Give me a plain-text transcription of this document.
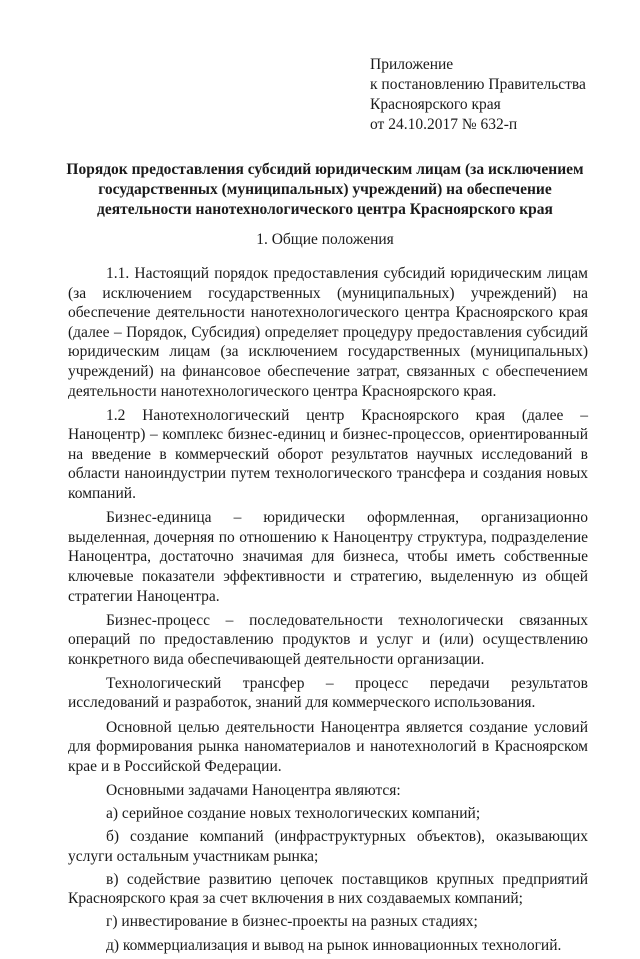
Приложение
к постановлению Правительства
Красноярского края
от 24.10.2017 № 632-п
Порядок предоставления субсидий юридическим лицам (за исключением
государственных (муниципальных) учреждений) на обеспечение
деятельности нанотехнологического центра Красноярского края
1. Общие положения

1.1. Настоящий порядок предоставления субсидий юридическим лицам (за исключением государственных (муниципальных) учреждений) на обеспечение деятельности нанотехнологического центра Красноярского края (далее – Порядок, Субсидия) определяет процедуру предоставления субсидий юридическим лицам (за исключением государственных (муниципальных) учреждений) на финансовое обеспечение затрат, связанных с обеспечением деятельности нанотехнологического центра Красноярского края.

1.2 Нанотехнологический центр Красноярского края (далее – Наноцентр) – комплекс бизнес-единиц и бизнес-процессов, ориентированный на введение в коммерческий оборот результатов научных исследований в области наноиндустрии путем технологического трансфера и создания новых компаний.

Бизнес-единица – юридически оформленная, организационно выделенная, дочерняя по отношению к Наноцентру структура, подразделение Наноцентра, достаточно значимая для бизнеса, чтобы иметь собственные ключевые показатели эффективности и стратегию, выделенную из общей стратегии Наноцентра.

Бизнес-процесс – последовательности технологически связанных операций по предоставлению продуктов и услуг и (или) осуществлению конкретного вида обеспечивающей деятельности организации.

Технологический трансфер – процесс передачи результатов исследований и разработок, знаний для коммерческого использования.

Основной целью деятельности Наноцентра является создание условий для формирования рынка наноматериалов и нанотехнологий в Красноярском крае и в Российской Федерации.

Основными задачами Наноцентра являются:

а) серийное создание новых технологических компаний;

б) создание компаний (инфраструктурных объектов), оказывающих услуги остальным участникам рынка;

в) содействие развитию цепочек поставщиков крупных предприятий Красноярского края за счет включения в них создаваемых компаний;

г) инвестирование в бизнес-проекты на разных стадиях;

д) коммерциализация и вывод на рынок инновационных технологий.
